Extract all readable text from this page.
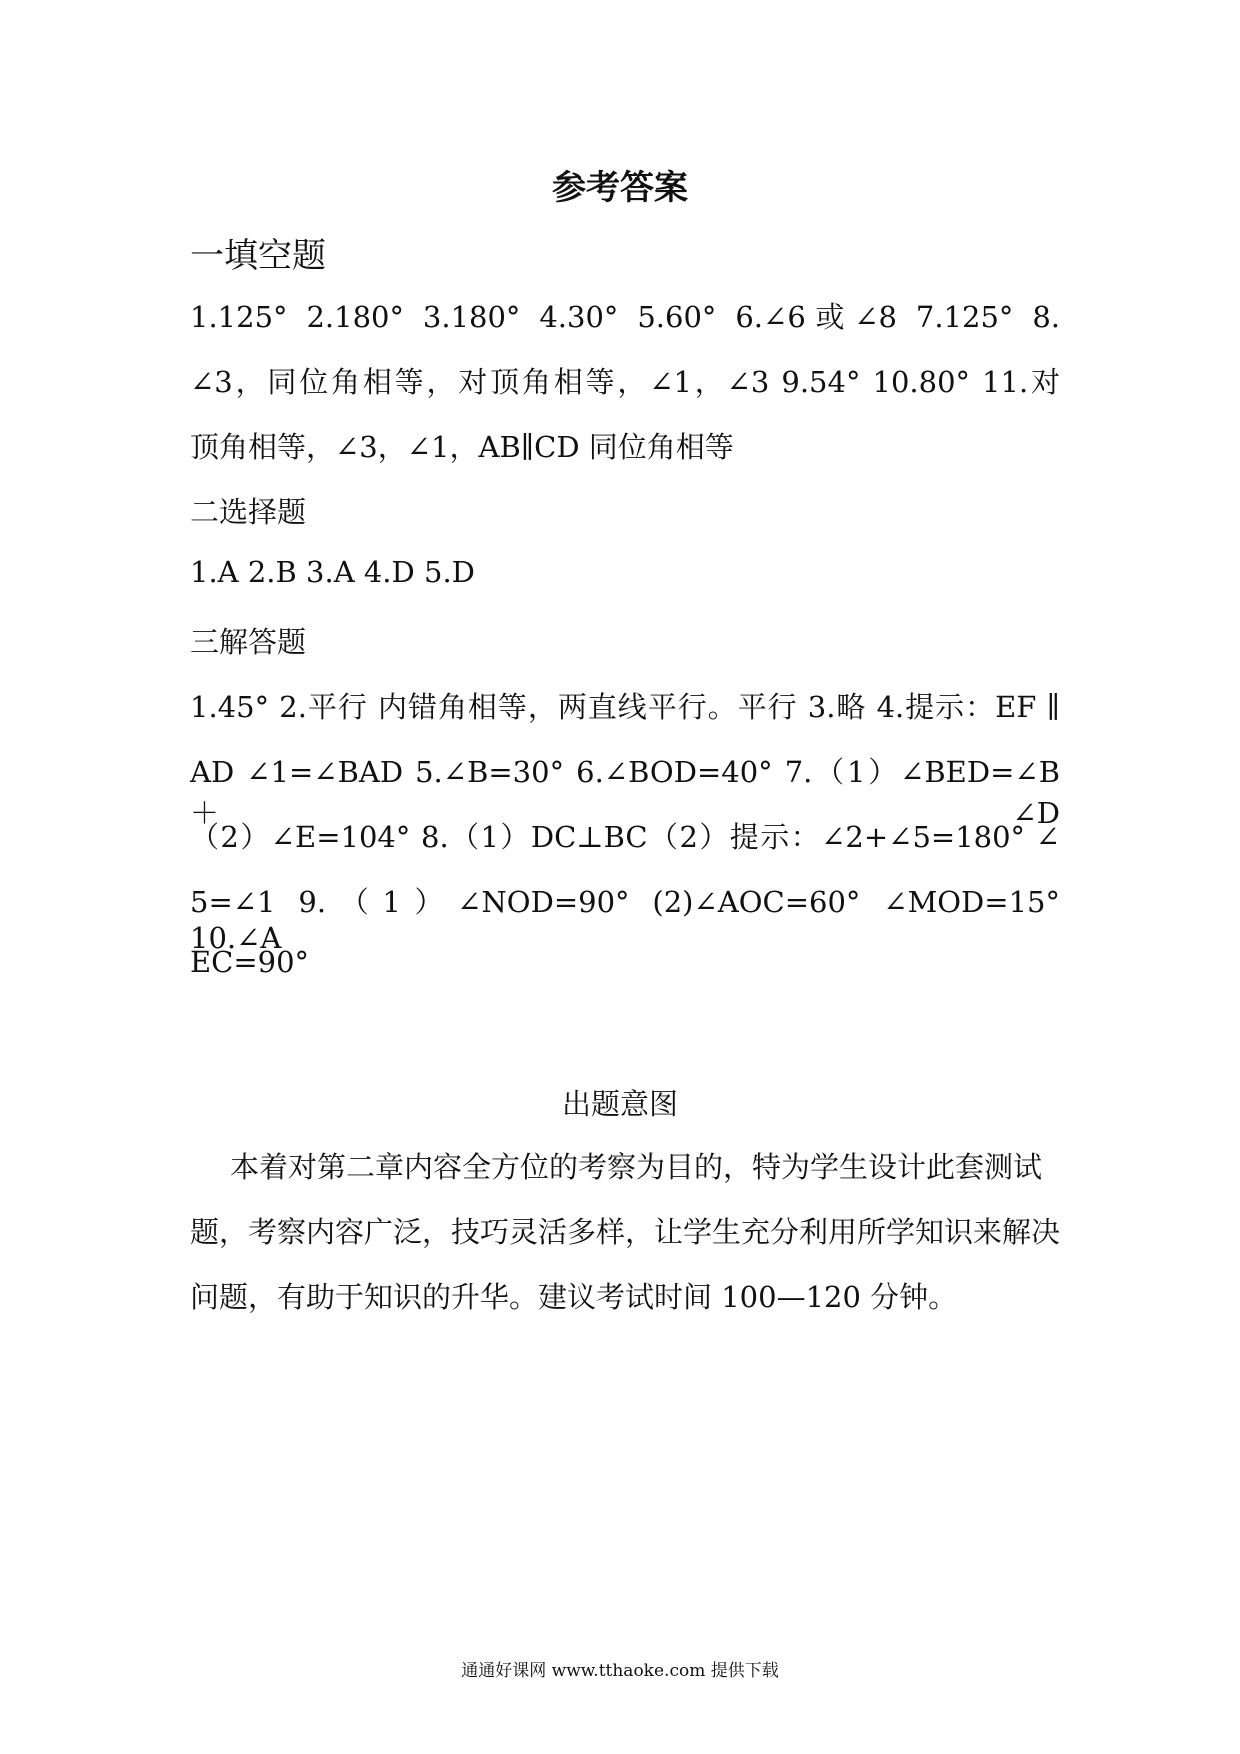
参考答案
一填空题
1.125° 2.180° 3.180° 4.30° 5.60° 6.∠6或∠8 7.125° 8.
∠3，同位角相等，对顶角相等，∠1，∠3 9.54° 10.80° 11.对
顶角相等，∠3，∠1，AB∥CD 同位角相等
二选择题
1.A 2.B 3.A 4.D 5.D
三解答题
1.45° 2.平行 内错角相等，两直线平行。平行 3.略 4.提示：EF ∥
AD ∠1=∠BAD 5.∠B=30° 6.∠BOD=40° 7.（1）∠BED=∠B＋∠D
（2）∠E=104° 8.（1）DC⊥BC（2）提示：∠2+∠5=180° ∠
5=∠1 9.（1）∠NOD=90° (2)∠AOC=60° ∠MOD=15° 10.∠A
EC=90°
出题意图
本着对第二章内容全方位的考察为目的，特为学生设计此套测试
题，考察内容广泛，技巧灵活多样，让学生充分利用所学知识来解决
问题，有助于知识的升华。建议考试时间 100—120 分钟。
通通好课网 www.tthaoke.com 提供下载
